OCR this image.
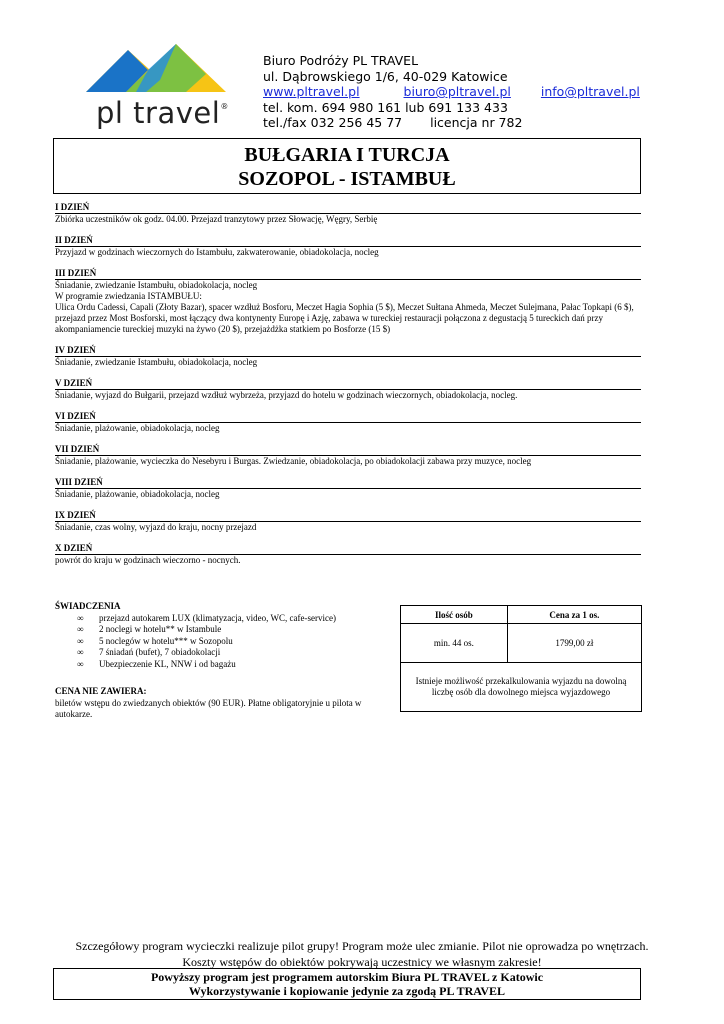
pl travel®
Biuro Podróży PL TRAVEL
ul. Dąbrowskiego 1/6, 40-029 Katowice
www.pltravel.pl	biuro@pltravel.pl info@pltravel.pl
tel. kom. 694 980 161 lub 691 133 433
tel./fax 032 256 45 77 licencja nr 782
BUŁGARIA I TURCJA
SOZOPOL - ISTAMBUŁ
I DZIEŃ
Zbiórka uczestników ok godz. 04.00. Przejazd tranzytowy przez Słowację, Węgry, Serbię
II DZIEŃ
Przyjazd w godzinach wieczornych do Istambułu, zakwaterowanie, obiadokolacja, nocleg
III DZIEŃ
Śniadanie, zwiedzanie Istambułu, obiadokolacja, nocleg
W programie zwiedzania ISTAMBUŁU:
Ulica Ordu Cadessi, Capali (Złoty Bazar), spacer wzdłuż Bosforu, Meczet Hagia Sophia (5 $), Meczet Sułtana Ahmeda, Meczet Sulejmana, Pałac Topkapi (6 $), przejazd przez Most Bosforski, most łączący dwa kontynenty Europę i Azję, zabawa w tureckiej restauracji połączona z degustacją 5 tureckich dań przy akompaniamencie tureckiej muzyki na żywo (20 $), przejażdżka statkiem po Bosforze (15 $)
IV DZIEŃ
Śniadanie, zwiedzanie Istambułu, obiadokolacja, nocleg
V DZIEŃ
Śniadanie, wyjazd do Bułgarii, przejazd wzdłuż wybrzeża, przyjazd do hotelu w godzinach wieczornych, obiadokolacja, nocleg.
VI DZIEŃ
Śniadanie, plażowanie, obiadokolacja, nocleg
VII DZIEŃ
Śniadanie, plażowanie, wycieczka do Nesebyru i Burgas. Zwiedzanie, obiadokolacja, po obiadokolacji zabawa przy muzyce, nocleg
VIII DZIEŃ
Śniadanie, plażowanie, obiadokolacja, nocleg
IX DZIEŃ
Śniadanie, czas wolny, wyjazd do kraju, nocny przejazd
X DZIEŃ
powrót do kraju w godzinach wieczorno - nocnych.
ŚWIADCZENIA
∞ przejazd autokarem LUX (klimatyzacja, video, WC, cafe-service)
∞ 2 noclegi w hotelu** w Istambule
∞ 5 noclegów w hotelu*** w Sozopolu
∞ 7 śniadań (bufet), 7 obiadokolacji
∞ Ubezpieczenie KL, NNW i od bagażu
CENA NIE ZAWIERA:
biletów wstępu do zwiedzanych obiektów (90 EUR). Płatne obligatoryjnie u pilota w autokarze.
Ilość osób	Cena za 1 os.
min. 44 os.	1799,00 zł
Istnieje możliwość przekalkulowania wyjazdu na dowolną liczbę osób dla dowolnego miejsca wyjazdowego	
Szczegółowy program wycieczki realizuje pilot grupy! Program może ulec zmianie. Pilot nie oprowadza po wnętrzach.
Koszty wstępów do obiektów pokrywają uczestnicy we własnym zakresie!
Powyższy program jest programem autorskim Biura PL TRAVEL z Katowic
Wykorzystywanie i kopiowanie jedynie za zgodą PL TRAVEL
